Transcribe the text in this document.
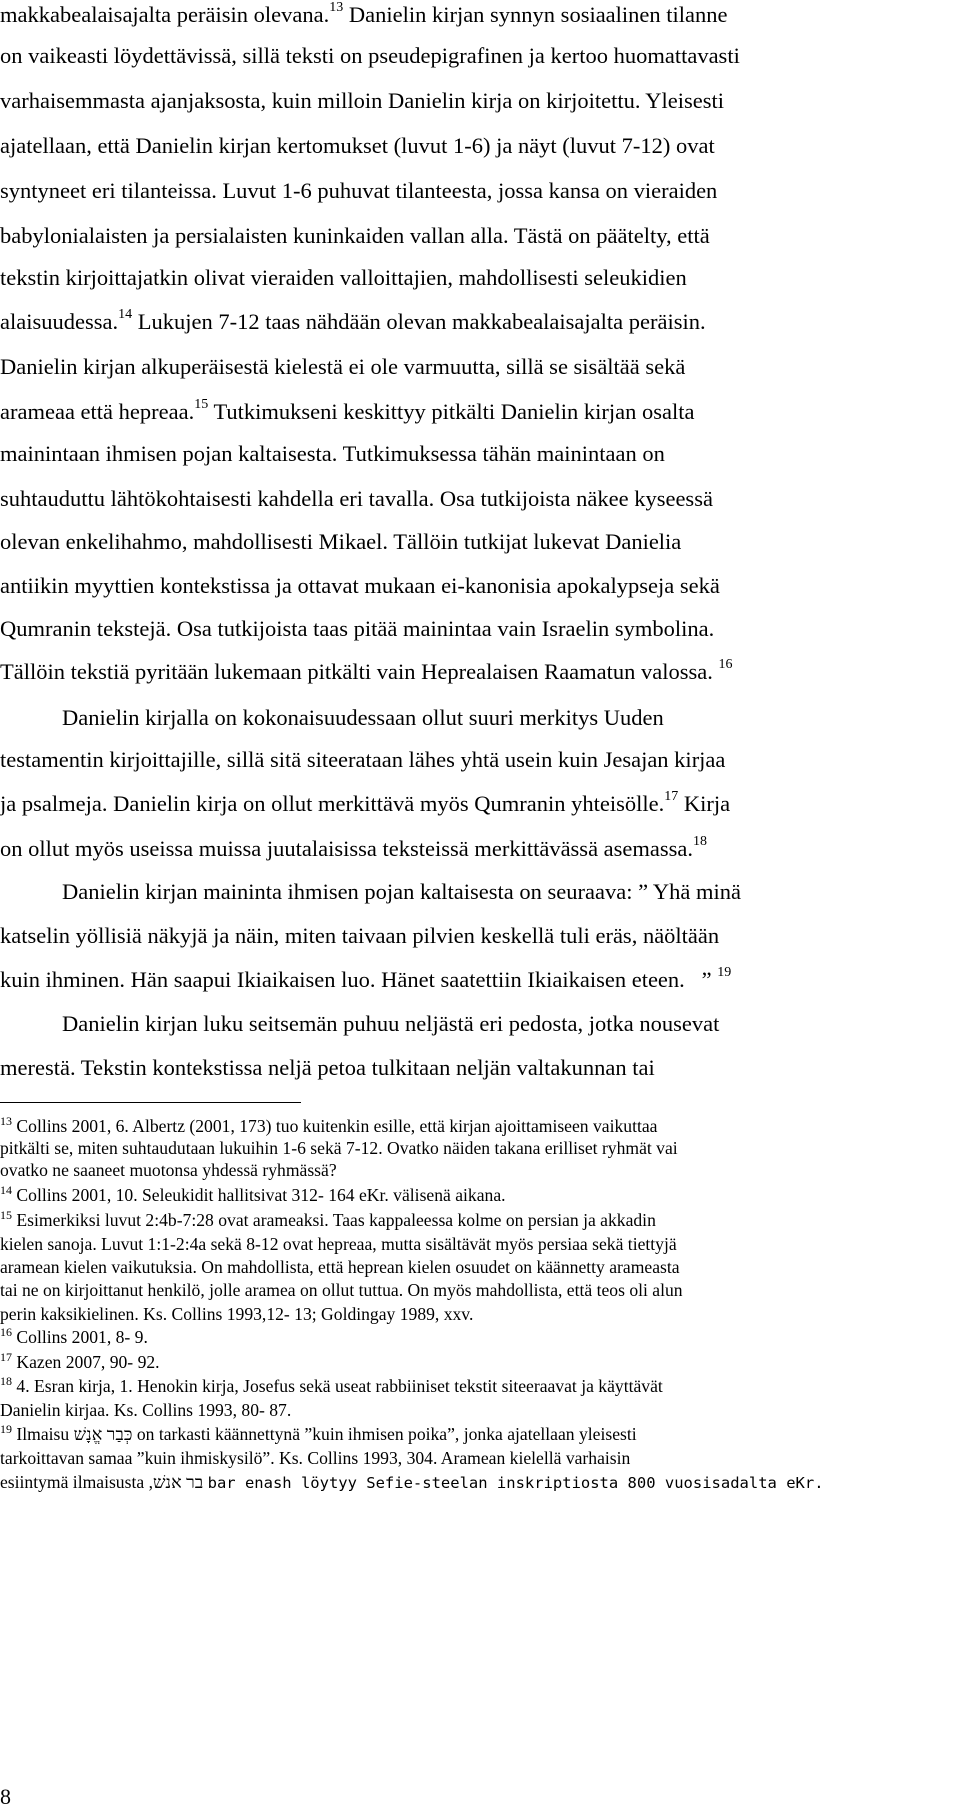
makkabealaisajalta peräisin olevana.$^{13}$ Danielin kirjan synnyn sosiaalinen tilanne
on vaikeasti löydettävissä, sillä teksti on pseudepigrafinen ja kertoo huomattavasti
varhaisemmasta ajanjaksosta, kuin milloin Danielin kirja on kirjoitettu. Yleisesti
ajatellaan, että Danielin kirjan kertomukset (luvut 1-6) ja näyt (luvut 7-12) ovat
syntyneet eri tilanteissa. Luvut 1-6 puhuvat tilanteesta, jossa kansa on vieraiden
babylonialaisten ja persialaisten kuninkaiden vallan alla. Tästä on päätelty, että
tekstin kirjoittajatkin olivat vieraiden valloittajien, mahdollisesti seleukidien
alaisuudessa.$^{14}$ Lukujen 7-12 taas nähdään olevan makkabealaisajalta peräisin.
Danielin kirjan alkuperäisestä kielestä ei ole varmuutta, sillä se sisältää sekä
arameaa että hepreaa.$^{15}$ Tutkimukseni keskittyy pitkälti Danielin kirjan osalta
mainintaan ihmisen pojan kaltaisesta. Tutkimuksessa tähän mainintaan on
suhtauduttu lähtökohtaisesti kahdella eri tavalla. Osa tutkijoista näkee kyseessä
olevan enkelihahmo, mahdollisesti Mikael. Tällöin tutkijat lukevat Danielia
antiikin myyttien kontekstissa ja ottavat mukaan ei-kanonisia apokalypseja sekä
Qumranin tekstejä. Osa tutkijoista taas pitää mainintaa vain Israelin symbolina.
Tällöin tekstiä pyritään lukemaan pitkälti vain Heprealaisen Raamatun valossa. $^{16}$
Danielin kirjalla on kokonaisuudessaan ollut suuri merkitys Uuden
testamentin kirjoittajille, sillä sitä siteerataan lähes yhtä usein kuin Jesajan kirjaa
ja psalmeja. Danielin kirja on ollut merkittävä myös Qumranin yhteisölle.$^{17}$ Kirja
on ollut myös useissa muissa juutalaisissa teksteissä merkittävässä asemassa.$^{18}$
Danielin kirjan maininta ihmisen pojan kaltaisesta on seuraava: ” Yhä minä
katselin yöllisiä näkyjä ja näin, miten taivaan pilvien keskellä tuli eräs, näöltään
kuin ihminen. Hän saapui Ikiaikaisen luo. Hänet saatettiin Ikiaikaisen eteen. ” $^{19}$
Danielin kirjan luku seitsemän puhuu neljästä eri pedosta, jotka nousevat
merestä. Tekstin kontekstissa neljä petoa tulkitaan neljän valtakunnan tai
$^{13}$ Collins 2001, 6. Albertz (2001, 173) tuo kuitenkin esille, että kirjan ajoittamiseen vaikuttaa
pitkälti se, miten suhtaudutaan lukuihin 1-6 sekä 7-12. Ovatko näiden takana erilliset ryhmät vai
ovatko ne saaneet muotonsa yhdessä ryhmässä?
$^{14}$ Collins 2001, 10. Seleukidit hallitsivat 312- 164 eKr. välisenä aikana.
$^{15}$ Esimerkiksi luvut 2:4b-7:28 ovat arameaksi. Taas kappaleessa kolme on persian ja akkadin
kielen sanoja. Luvut 1:1-2:4a sekä 8-12 ovat hepreaa, mutta sisältävät myös persiaa sekä tiettyjä
aramean kielen vaikutuksia. On mahdollista, että heprean kielen osuudet on käännetty arameasta
tai ne on kirjoittanut henkilö, jolle aramea on ollut tuttua. On myös mahdollista, että teos oli alun
perin kaksikielinen. Ks. Collins 1993,12- 13; Goldingay 1989, xxv.
$^{16}$ Collins 2001, 8- 9.
$^{17}$ Kazen 2007, 90- 92.
$^{18}$ 4. Esran kirja, 1. Henokin kirja, Josefus sekä useat rabbiiniset tekstit siteeraavat ja käyttävät
Danielin kirjaa. Ks. Collins 1993, 80- 87.
$^{19}$ Ilmaisu כְּבַר אֱנָשׁ on tarkasti käännettynä ”kuin ihmisen poika”, jonka ajatellaan yleisesti
tarkoittavan samaa ”kuin ihmiskysilö”. Ks. Collins 1993, 304. Aramean kielellä varhaisin
esiintymä ilmaisusta בר אנשׁ, bar enash löytyy Sefie-steelan inskriptiosta 800 vuosisadalta eKr.
8
